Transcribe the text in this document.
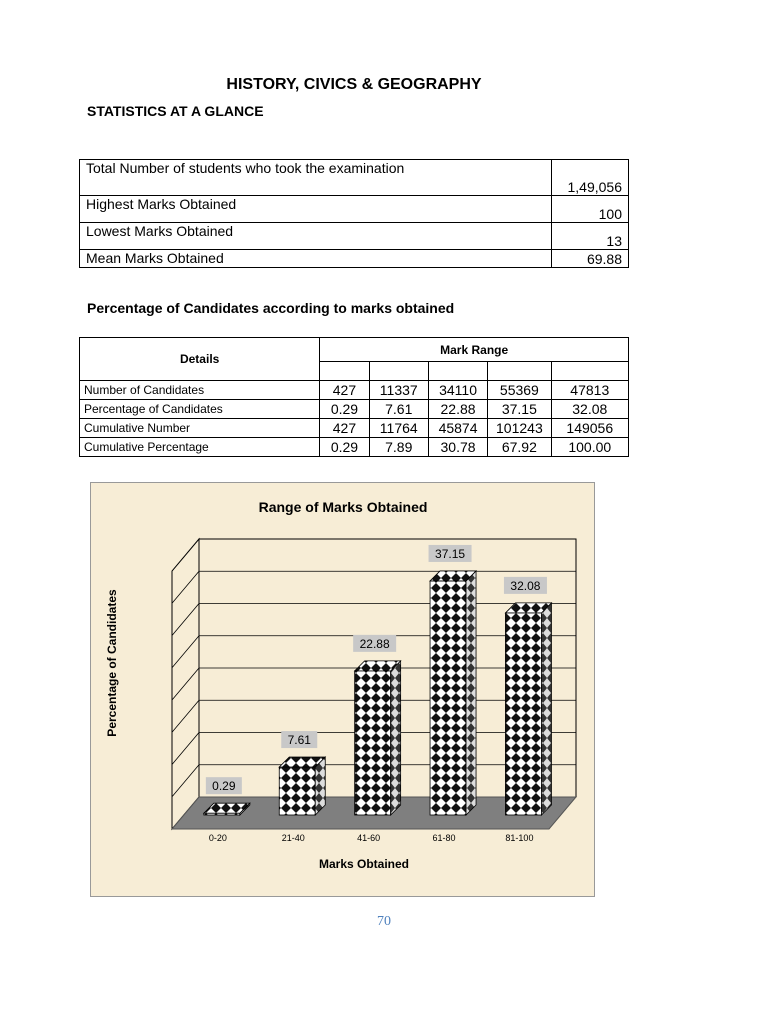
HISTORY, CIVICS & GEOGRAPHY
STATISTICS AT A GLANCE
Total Number of students who took the examination	1,49,056
Highest Marks Obtained	100
Lowest Marks Obtained	13
Mean Marks Obtained	69.88
Percentage of Candidates according to marks obtained
Details	Mark Range				

Number of Candidates	427	11337	34110	55369	47813
Percentage of Candidates	0.29	7.61	22.88	37.15	32.08
Cumulative Number	427	11764	45874	101243	149056
Cumulative Percentage	0.29	7.89	30.78	67.92	100.00
Range of Marks Obtained
Percentage of Candidates
Marks Obtained
0.29
0-20
7.61
21-40
22.88
41-60
37.15
61-80
32.08
81-100
70
